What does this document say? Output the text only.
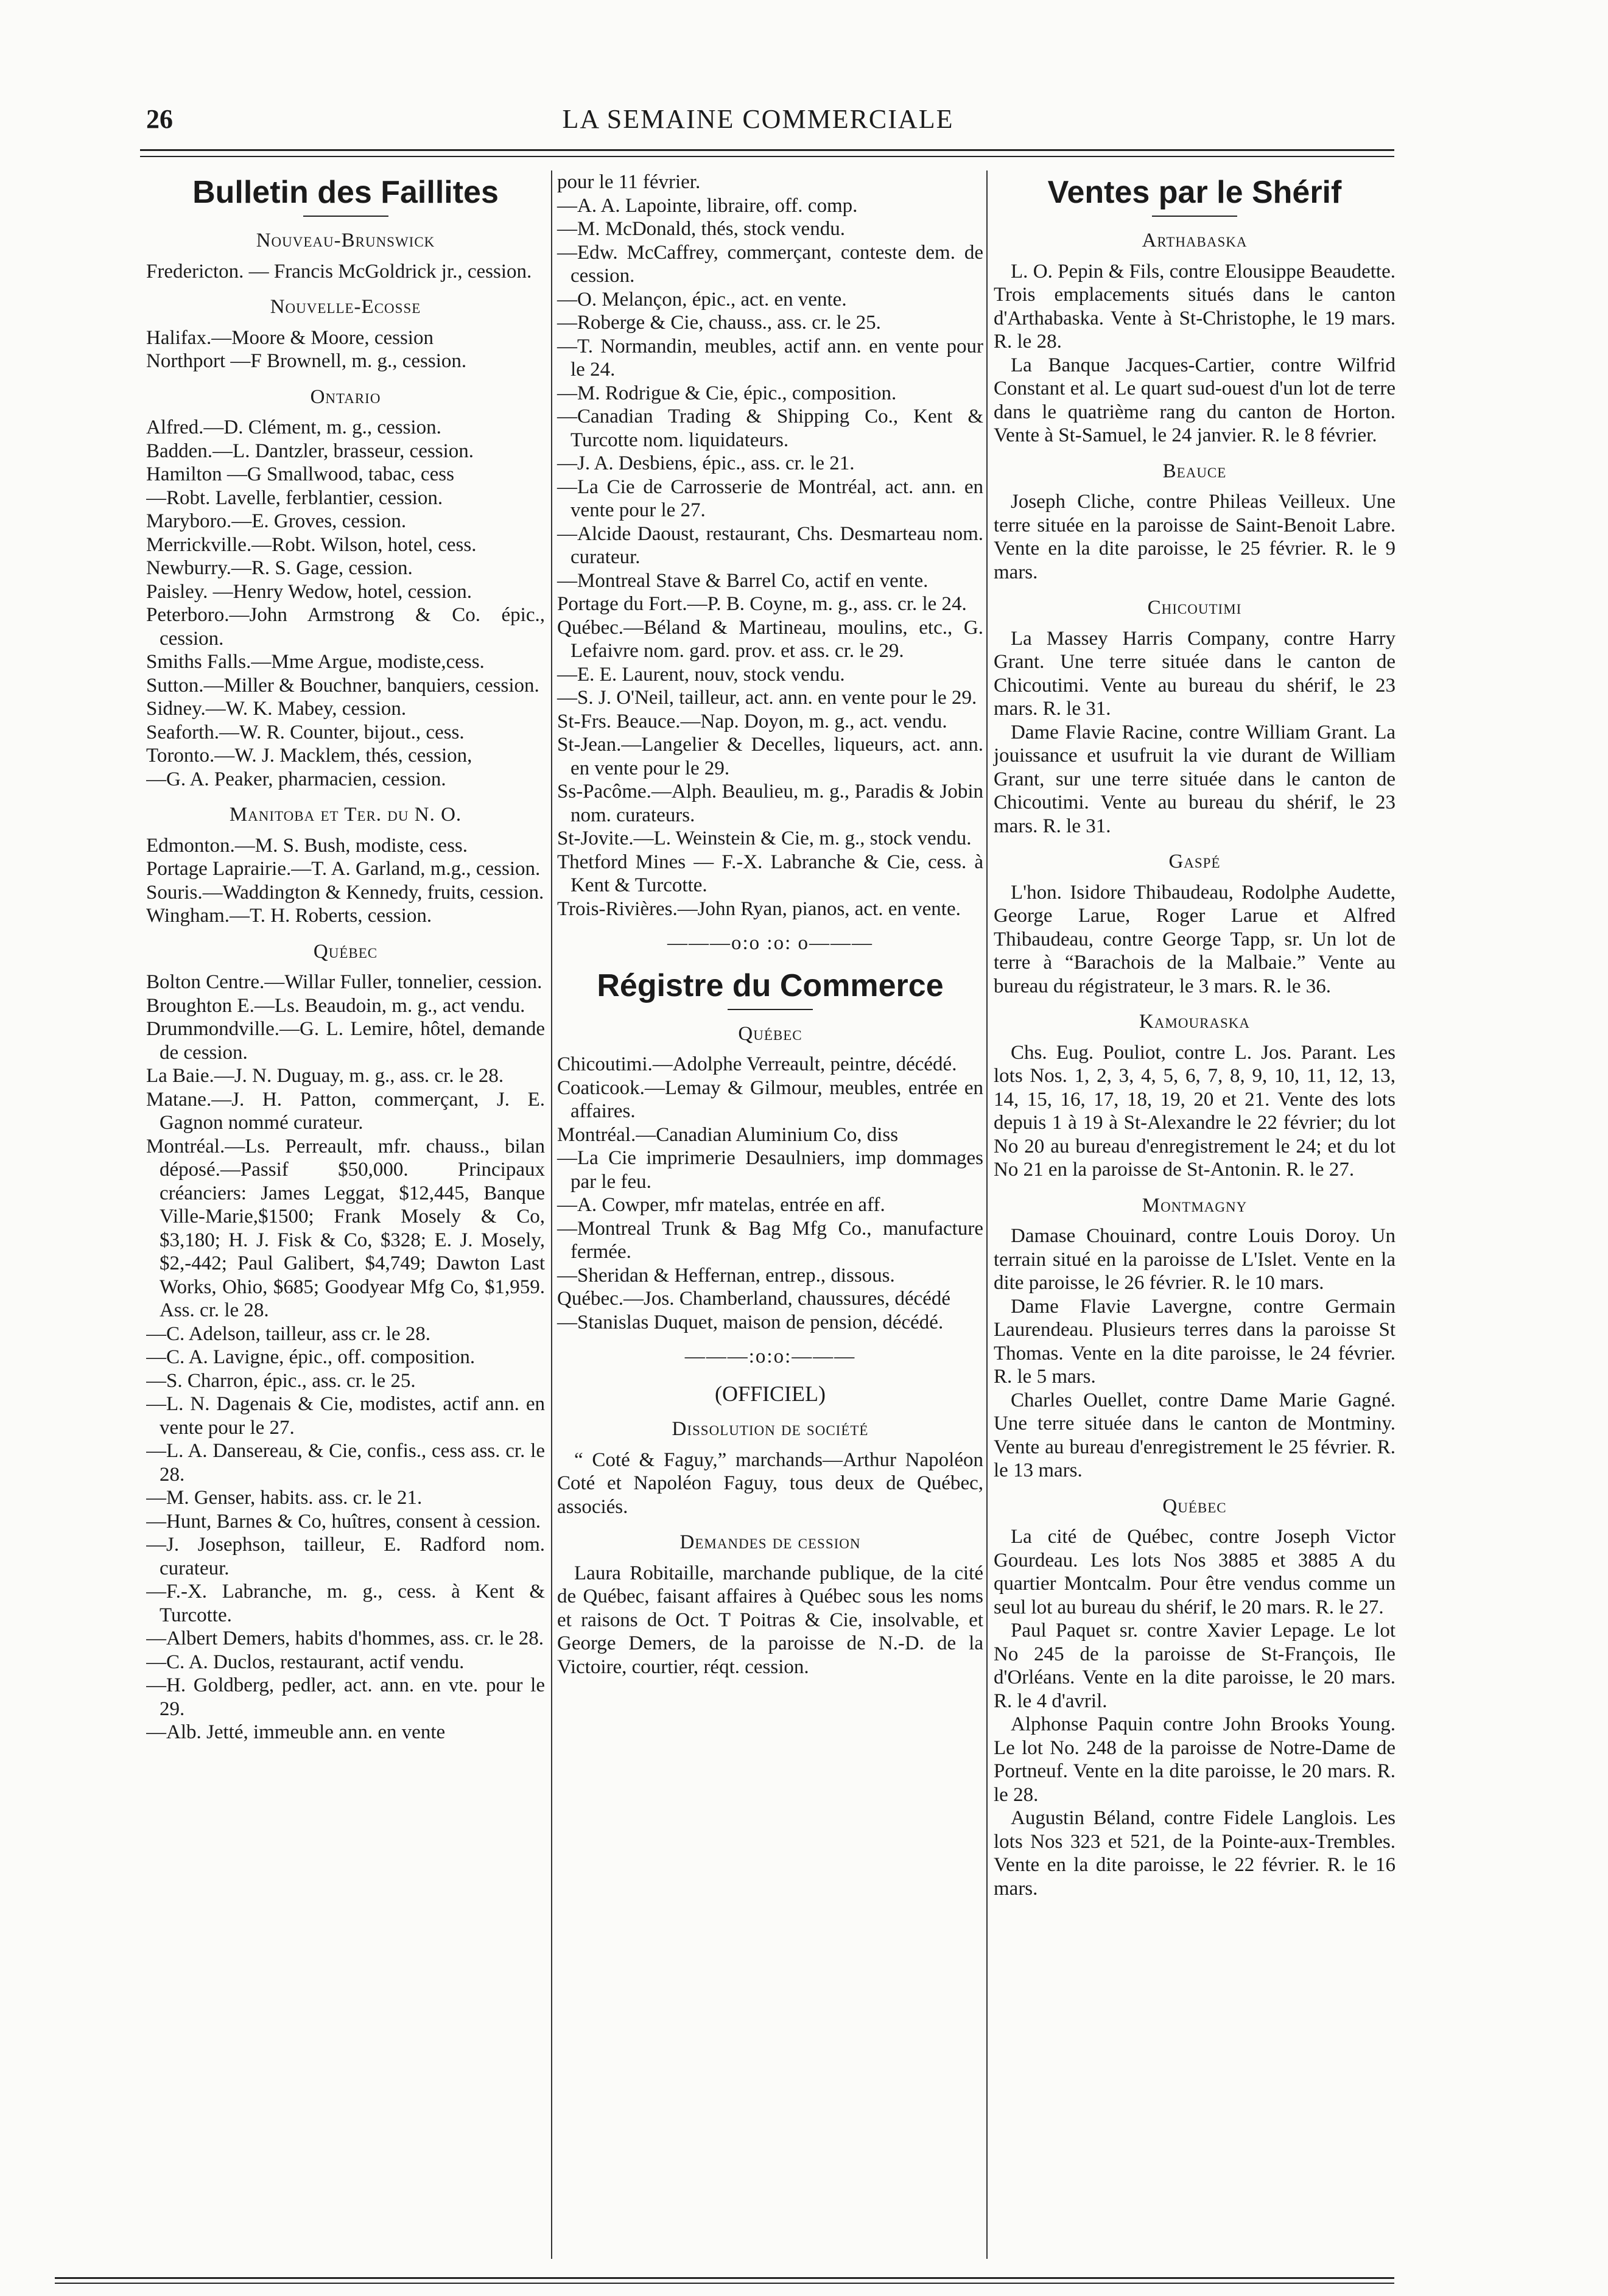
26	LA SEMAINE COMMERCIALE
Bulletin des Faillites
Nouveau-Brunswick
Fredericton. — Francis McGoldrick jr., cession.
Nouvelle-Ecosse
Halifax.—Moore & Moore, cession
Northport —F Brownell, m. g., cession.
Ontario
Alfred.—D. Clément, m. g., cession.
Badden.—L. Dantzler, brasseur, cession.
Hamilton —G Smallwood, tabac, cess
—Robt. Lavelle, ferblantier, cession.
Maryboro.—E. Groves, cession.
Merrickville.—Robt. Wilson, hotel, cess.
Newburry.—R. S. Gage, cession.
Paisley. —Henry Wedow, hotel, cession.
Peterboro.—John Armstrong & Co. épic., cession.
Smiths Falls.—Mme Argue, modiste,cess.
Sutton.—Miller & Bouchner, banquiers, cession.
Sidney.—W. K. Mabey, cession.
Seaforth.—W. R. Counter, bijout., cess.
Toronto.—W. J. Macklem, thés, cession,
—G. A. Peaker, pharmacien, cession.
Manitoba et Ter. du N. O.
Edmonton.—M. S. Bush, modiste, cess.
Portage Laprairie.—T. A. Garland, m.g., cession.
Souris.—Waddington & Kennedy, fruits, cession.
Wingham.—T. H. Roberts, cession.
Québec
Bolton Centre.—Willar Fuller, tonnelier, cession.
Broughton E.—Ls. Beaudoin, m. g., act vendu.
Drummondville.—G. L. Lemire, hôtel, demande de cession.
La Baie.—J. N. Duguay, m. g., ass. cr. le 28.
Matane.—J. H. Patton, commerçant, J. E. Gagnon nommé curateur.
Montréal.—Ls. Perreault, mfr. chauss., bilan déposé.—Passif $50,000. Principaux créanciers: James Leggat, $12,445, Banque Ville-Marie,$1500; Frank Mosely & Co, $3,180; H. J. Fisk & Co, $328; E. J. Mosely, $2,-442; Paul Galibert, $4,749; Dawton Last Works, Ohio, $685; Goodyear Mfg Co, $1,959. Ass. cr. le 28.
—C. Adelson, tailleur, ass cr. le 28.
—C. A. Lavigne, épic., off. composition.
—S. Charron, épic., ass. cr. le 25.
—L. N. Dagenais & Cie, modistes, actif ann. en vente pour le 27.
—L. A. Dansereau, & Cie, confis., cess ass. cr. le 28.
—M. Genser, habits. ass. cr. le 21.
—Hunt, Barnes & Co, huîtres, consent à cession.
—J. Josephson, tailleur, E. Radford nom. curateur.
—F.-X. Labranche, m. g., cess. à Kent & Turcotte.
—Albert Demers, habits d'hommes, ass. cr. le 28.
—C. A. Duclos, restaurant, actif vendu.
—H. Goldberg, pedler, act. ann. en vte. pour le 29.
—Alb. Jetté, immeuble ann. en vente
pour le 11 février.
—A. A. Lapointe, libraire, off. comp.
—M. McDonald, thés, stock vendu.
—Edw. McCaffrey, commerçant, conteste dem. de cession.
—O. Melançon, épic., act. en vente.
—Roberge & Cie, chauss., ass. cr. le 25.
—T. Normandin, meubles, actif ann. en vente pour le 24.
—M. Rodrigue & Cie, épic., composition.
—Canadian Trading & Shipping Co., Kent & Turcotte nom. liquidateurs.
—J. A. Desbiens, épic., ass. cr. le 21.
—La Cie de Carrosserie de Montréal, act. ann. en vente pour le 27.
—Alcide Daoust, restaurant, Chs. Desmarteau nom. curateur.
—Montreal Stave & Barrel Co, actif en vente.
Portage du Fort.—P. B. Coyne, m. g., ass. cr. le 24.
Québec.—Béland & Martineau, moulins, etc., G. Lefaivre nom. gard. prov. et ass. cr. le 29.
—E. E. Laurent, nouv, stock vendu.
—S. J. O'Neil, tailleur, act. ann. en vente pour le 29.
St-Frs. Beauce.—Nap. Doyon, m. g., act. vendu.
St-Jean.—Langelier & Decelles, liqueurs, act. ann. en vente pour le 29.
Ss-Pacôme.—Alph. Beaulieu, m. g., Paradis & Jobin nom. curateurs.
St-Jovite.—L. Weinstein & Cie, m. g., stock vendu.
Thetford Mines — F.-X. Labranche & Cie, cess. à Kent & Turcotte.
Trois-Rivières.—John Ryan, pianos, act. en vente.
———o:o :o: o———
Régistre du Commerce
Québec
Chicoutimi.—Adolphe Verreault, peintre, décédé.
Coaticook.—Lemay & Gilmour, meubles, entrée en affaires.
Montréal.—Canadian Aluminium Co, diss
—La Cie imprimerie Desaulniers, imp dommages par le feu.
—A. Cowper, mfr matelas, entrée en aff.
—Montreal Trunk & Bag Mfg Co., manufacture fermée.
—Sheridan & Heffernan, entrep., dissous.
Québec.—Jos. Chamberland, chaussures, décédé
—Stanislas Duquet, maison de pension, décédé.
———:o:o:———
(OFFICIEL)
Dissolution de société
“ Coté & Faguy,” marchands—Arthur Napoléon Coté et Napoléon Faguy, tous deux de Québec, associés.
Demandes de cession
Laura Robitaille, marchande publique, de la cité de Québec, faisant affaires à Québec sous les noms et raisons de Oct. T Poitras & Cie, insolvable, et George Demers, de la paroisse de N.-D. de la Victoire, courtier, réqt. cession.
Ventes par le Shérif
Arthabaska
L. O. Pepin & Fils, contre Elousippe Beaudette. Trois emplacements situés dans le canton d'Arthabaska. Vente à St-Christophe, le 19 mars. R. le 28.
La Banque Jacques-Cartier, contre Wilfrid Constant et al. Le quart sud-ouest d'un lot de terre dans le quatrième rang du canton de Horton. Vente à St-Samuel, le 24 janvier. R. le 8 février.
Beauce
Joseph Cliche, contre Phileas Veilleux. Une terre située en la paroisse de Saint-Benoit Labre. Vente en la dite paroisse, le 25 février. R. le 9 mars.
Chicoutimi
La Massey Harris Company, contre Harry Grant. Une terre située dans le canton de Chicoutimi. Vente au bureau du shérif, le 23 mars. R. le 31.
Dame Flavie Racine, contre William Grant. La jouissance et usufruit la vie durant de William Grant, sur une terre située dans le canton de Chicoutimi. Vente au bureau du shérif, le 23 mars. R. le 31.
Gaspé
L'hon. Isidore Thibaudeau, Rodolphe Audette, George Larue, Roger Larue et Alfred Thibaudeau, contre George Tapp, sr. Un lot de terre à “Barachois de la Malbaie.” Vente au bureau du régistrateur, le 3 mars. R. le 36.
Kamouraska
Chs. Eug. Pouliot, contre L. Jos. Parant. Les lots Nos. 1, 2, 3, 4, 5, 6, 7, 8, 9, 10, 11, 12, 13, 14, 15, 16, 17, 18, 19, 20 et 21. Vente des lots depuis 1 à 19 à St-Alexandre le 22 février; du lot No 20 au bureau d'enregistrement le 24; et du lot No 21 en la paroisse de St-Antonin. R. le 27.
Montmagny
Damase Chouinard, contre Louis Doroy. Un terrain situé en la paroisse de L'Islet. Vente en la dite paroisse, le 26 février. R. le 10 mars.
Dame Flavie Lavergne, contre Germain Laurendeau. Plusieurs terres dans la paroisse St Thomas. Vente en la dite paroisse, le 24 février. R. le 5 mars.
Charles Ouellet, contre Dame Marie Gagné. Une terre située dans le canton de Montminy. Vente au bureau d'enregistrement le 25 février. R. le 13 mars.
Québec
La cité de Québec, contre Joseph Victor Gourdeau. Les lots Nos 3885 et 3885 A du quartier Montcalm. Pour être vendus comme un seul lot au bureau du shérif, le 20 mars. R. le 27.
Paul Paquet sr. contre Xavier Lepage. Le lot No 245 de la paroisse de St-François, Ile d'Orléans. Vente en la dite paroisse, le 20 mars. R. le 4 d'avril.
Alphonse Paquin contre John Brooks Young. Le lot No. 248 de la paroisse de Notre-Dame de Portneuf. Vente en la dite paroisse, le 20 mars. R. le 28.
Augustin Béland, contre Fidele Langlois. Les lots Nos 323 et 521, de la Pointe-aux-Trembles. Vente en la dite paroisse, le 22 février. R. le 16 mars.
